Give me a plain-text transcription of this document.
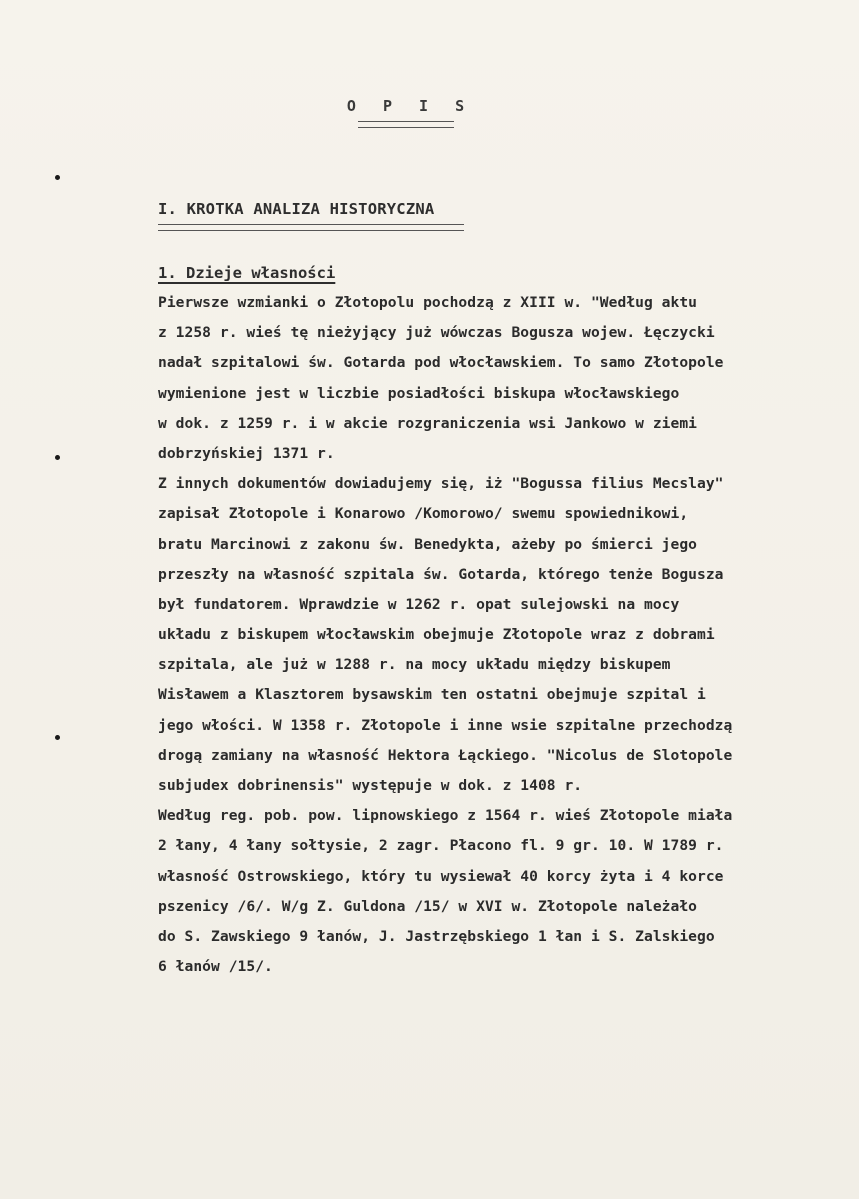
O P I S
I. KROTKA ANALIZA HISTORYCZNA
1. Dzieje własności
Pierwsze wzmianki o Złotopolu pochodzą z XIII w. "Według aktu
z 1258 r. wieś tę nieżyjący już wówczas Bogusza wojew. Łęczycki
nadał szpitalowi św. Gotarda pod włocławskiem. To samo Złotopole
wymienione jest w liczbie posiadłości biskupa włocławskiego
w dok. z 1259 r. i w akcie rozgraniczenia wsi Jankowo w ziemi
dobrzyńskiej 1371 r.
Z innych dokumentów dowiadujemy się, iż "Bogussa filius Mecslay"
zapisał Złotopole i Konarowo /Komorowo/ swemu spowiednikowi,
bratu Marcinowi z zakonu św. Benedykta, ażeby po śmierci jego
przeszły na własność szpitala św. Gotarda, którego tenże Bogusza
był fundatorem. Wprawdzie w 1262 r. opat sulejowski na mocy
układu z biskupem włocławskim obejmuje Złotopole wraz z dobrami
szpitala, ale już w 1288 r. na mocy układu między biskupem
Wisławem a Klasztorem bysawskim ten ostatni obejmuje szpital i
jego włości. W 1358 r. Złotopole i inne wsie szpitalne przechodzą
drogą zamiany na własność Hektora Łąckiego. "Nicolus de Slotopole
subjudex dobrinensis" występuje w dok. z 1408 r.
Według reg. pob. pow. lipnowskiego z 1564 r. wieś Złotopole miała
2 łany, 4 łany sołtysie, 2 zagr. Płacono fl. 9 gr. 10. W 1789 r.
własność Ostrowskiego, który tu wysiewał 40 korcy żyta i 4 korce
pszenicy /6/. W/g Z. Guldona /15/ w XVI w. Złotopole należało
do S. Zawskiego 9 łanów, J. Jastrzębskiego 1 łan i S. Zalskiego
6 łanów /15/.
